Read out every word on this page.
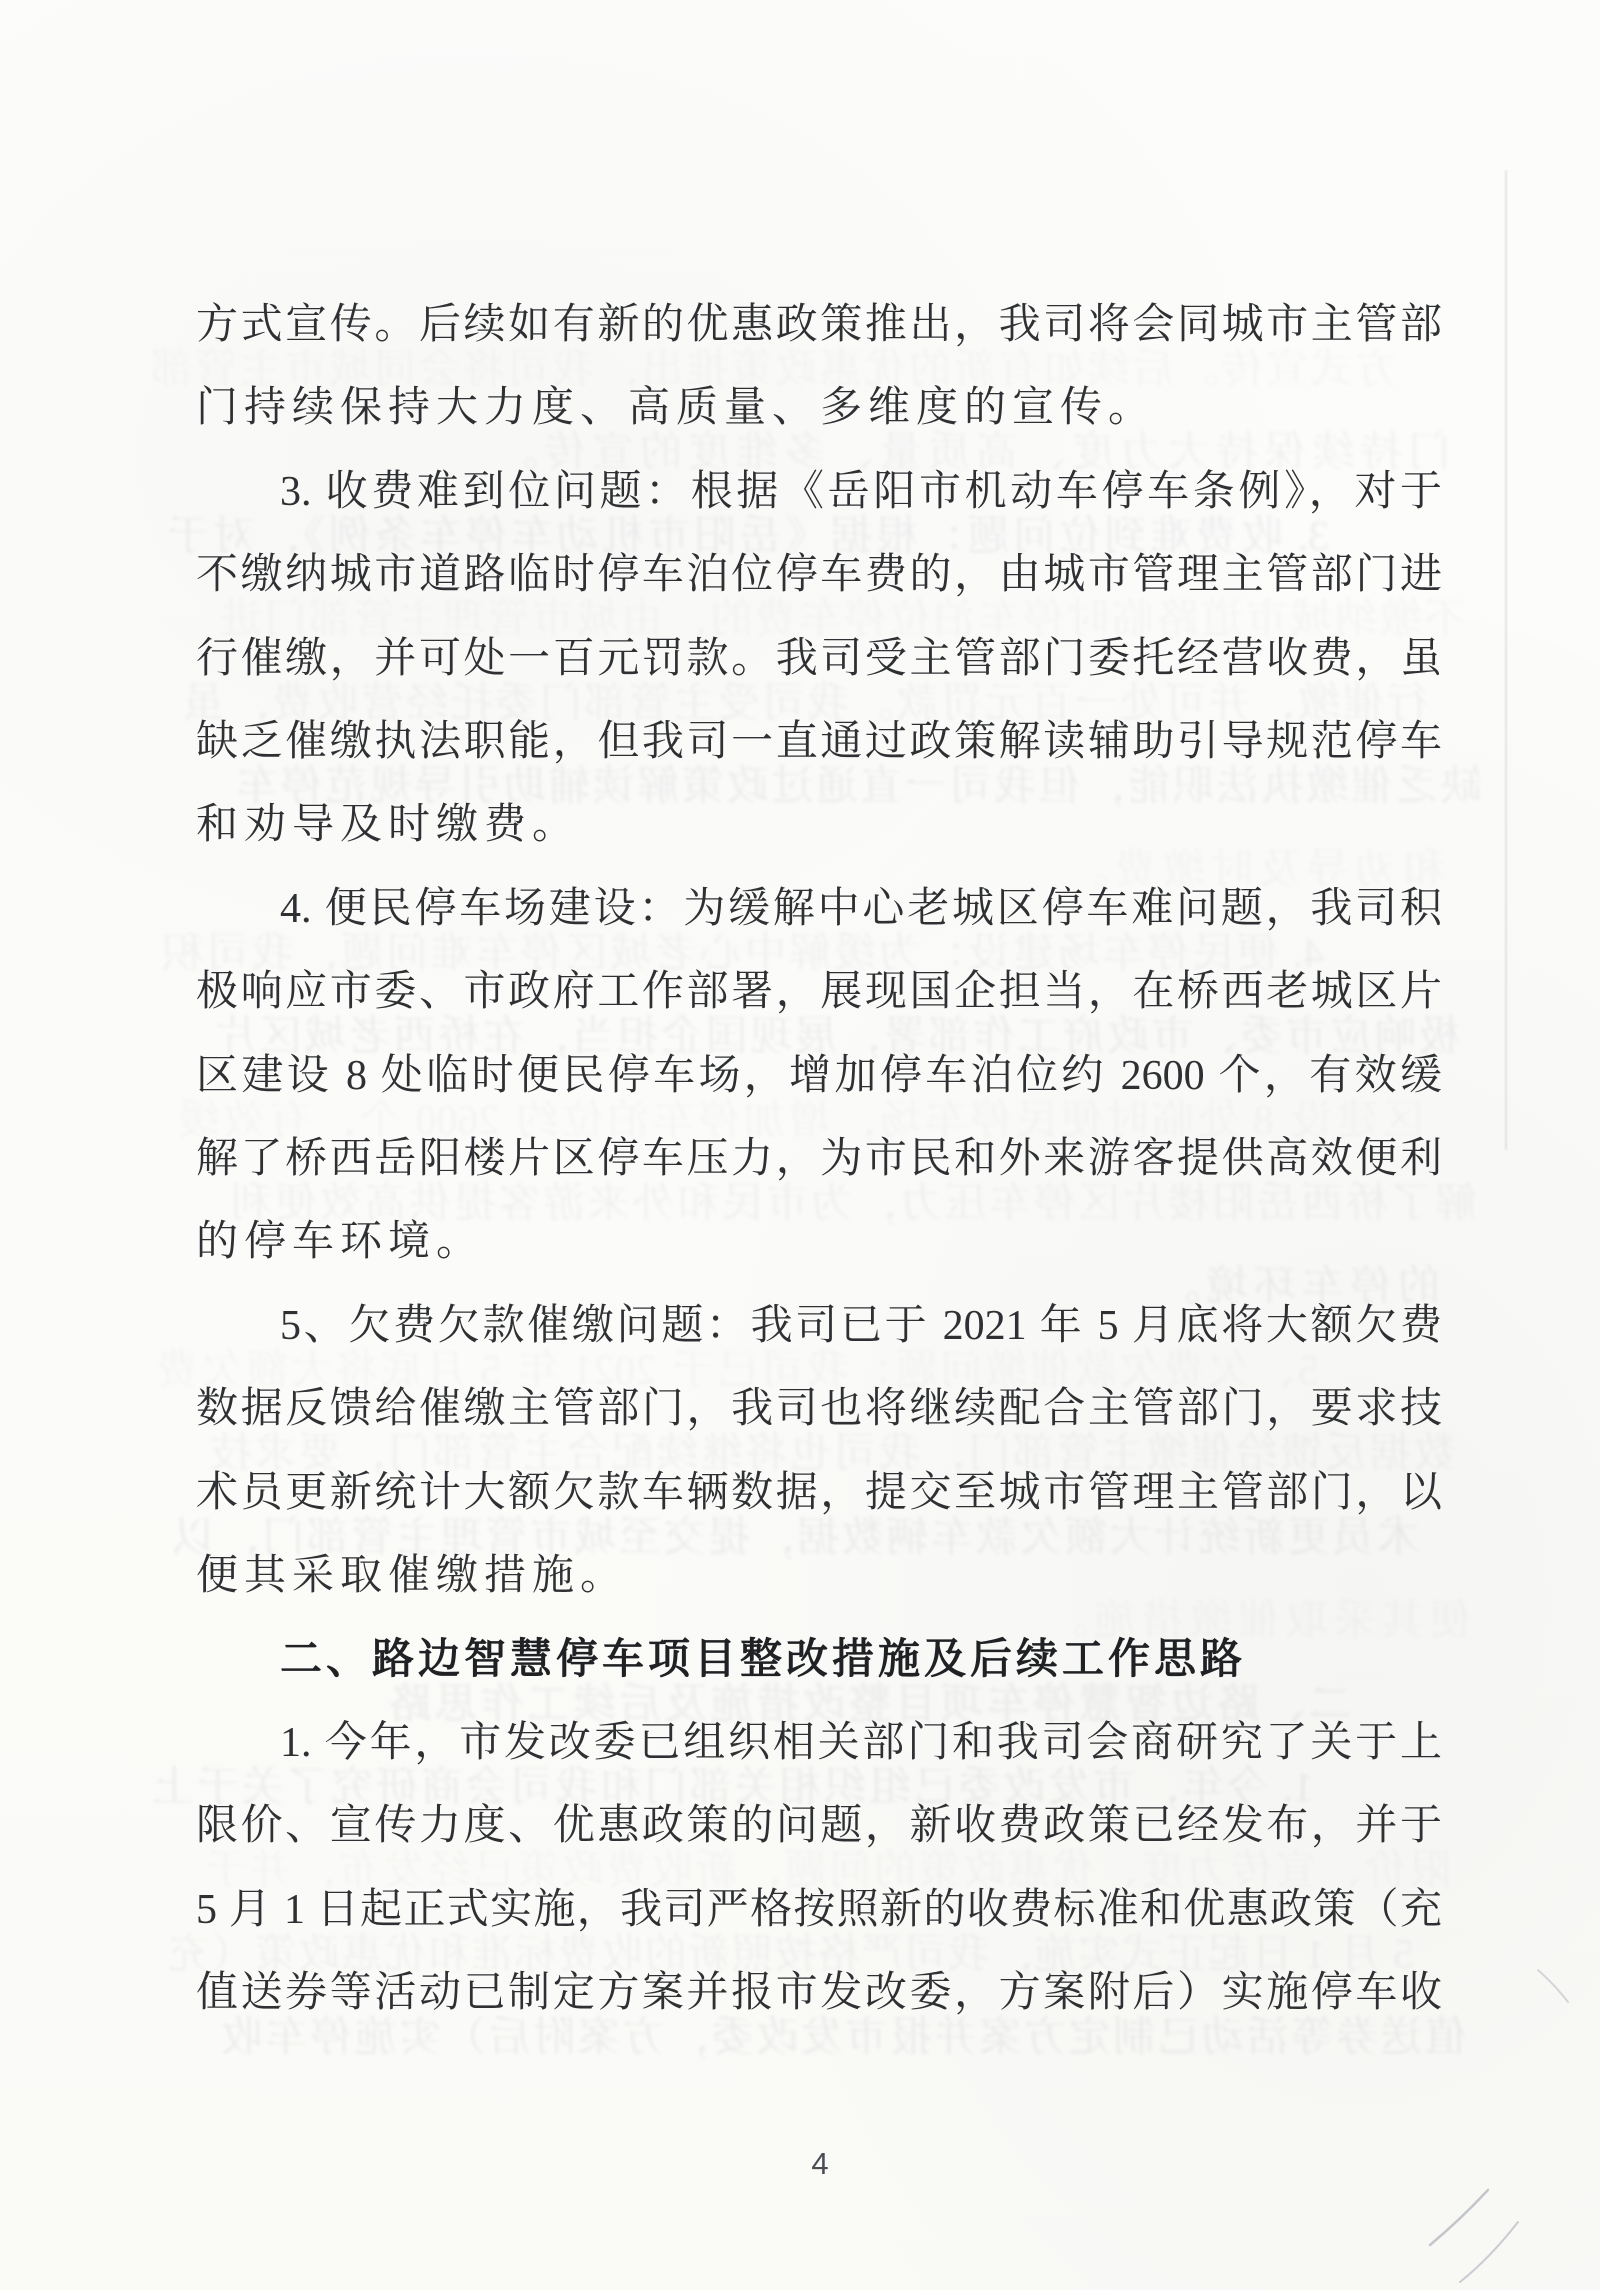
方式宣传。后续如有新的优惠政策推出，我司将会同城市主管部
门持续保持大力度、高质量、多维度的宣传。
3. 收费难到位问题：根据《岳阳市机动车停车条例》，对于
不缴纳城市道路临时停车泊位停车费的，由城市管理主管部门进
行催缴，并可处一百元罚款。我司受主管部门委托经营收费，虽
缺乏催缴执法职能，但我司一直通过政策解读辅助引导规范停车
和劝导及时缴费。
4. 便民停车场建设：为缓解中心老城区停车难问题，我司积
极响应市委、市政府工作部署，展现国企担当，在桥西老城区片
区建设 8 处临时便民停车场，增加停车泊位约 2600 个，有效缓
解了桥西岳阳楼片区停车压力，为市民和外来游客提供高效便利
的停车环境。
5、欠费欠款催缴问题：我司已于 2021 年 5 月底将大额欠费
数据反馈给催缴主管部门，我司也将继续配合主管部门，要求技
术员更新统计大额欠款车辆数据，提交至城市管理主管部门，以
便其采取催缴措施。
二、路边智慧停车项目整改措施及后续工作思路
1. 今年，市发改委已组织相关部门和我司会商研究了关于上
限价、宣传力度、优惠政策的问题，新收费政策已经发布，并于
5 月 1 日起正式实施，我司严格按照新的收费标准和优惠政策（充
值送券等活动已制定方案并报市发改委，方案附后）实施停车收
方式宣传。后续如有新的优惠政策推出，我司将会同城市主管部
门持续保持大力度、高质量、多维度的宣传。
3. 收费难到位问题：根据《岳阳市机动车停车条例》，对于
不缴纳城市道路临时停车泊位停车费的，由城市管理主管部门进
行催缴，并可处一百元罚款。我司受主管部门委托经营收费，虽
缺乏催缴执法职能，但我司一直通过政策解读辅助引导规范停车
和劝导及时缴费。
4. 便民停车场建设：为缓解中心老城区停车难问题，我司积
极响应市委、市政府工作部署，展现国企担当，在桥西老城区片
区建设 8 处临时便民停车场，增加停车泊位约 2600 个，有效缓
解了桥西岳阳楼片区停车压力，为市民和外来游客提供高效便利
的停车环境。
5、欠费欠款催缴问题：我司已于 2021 年 5 月底将大额欠费
数据反馈给催缴主管部门，我司也将继续配合主管部门，要求技
术员更新统计大额欠款车辆数据，提交至城市管理主管部门，以
便其采取催缴措施。
二、路边智慧停车项目整改措施及后续工作思路
1. 今年，市发改委已组织相关部门和我司会商研究了关于上
限价、宣传力度、优惠政策的问题，新收费政策已经发布，并于
5 月 1 日起正式实施，我司严格按照新的收费标准和优惠政策（充
值送券等活动已制定方案并报市发改委，方案附后）实施停车收
4
